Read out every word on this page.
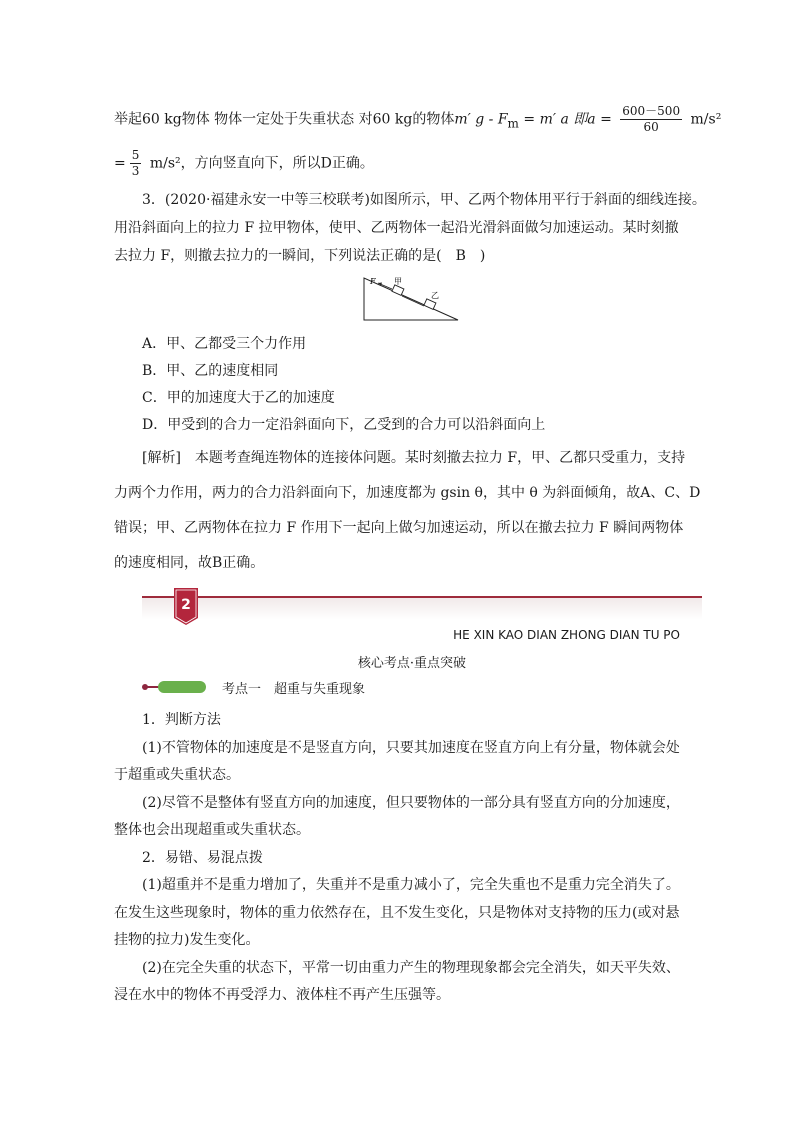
举起60 kg物体 物体一定处于失重状态 对60 kg的物体m′ $g - F_m = m'$ a 即$a = \frac{600-500}{60} m/s^2$
= $\frac{5}{3} m/s^2$，方向竖直向下，所以D正确。
3．(2020·福建永安一中等三校联考)如图所示，甲、乙两个物体用平行于斜面的细线连接。
用沿斜面向上的拉力 F 拉甲物体，使甲、乙两物体一起沿光滑斜面做匀加速运动。某时刻撤
去拉力 F，则撤去拉力的一瞬间，下列说法正确的是(　B　)
F 甲
乙
A．甲、乙都受三个力作用
B．甲、乙的速度相同
C．甲的加速度大于乙的加速度
D．甲受到的合力一定沿斜面向下，乙受到的合力可以沿斜面向上
[解析]　本题考查绳连物体的连接体问题。某时刻撤去拉力 F，甲、乙都只受重力，支持
力两个力作用，两力的合力沿斜面向下，加速度都为 gsin θ，其中 θ 为斜面倾角，故A、C、D
错误；甲、乙两物体在拉力 F 作用下一起向上做匀加速运动，所以在撤去拉力 F 瞬间两物体
的速度相同，故B正确。
2
HE XIN KAO DIAN ZHONG DIAN TU PO
核心考点·重点突破
考点一　超重与失重现象
1．判断方法
(1)不管物体的加速度是不是竖直方向，只要其加速度在竖直方向上有分量，物体就会处
于超重或失重状态。
(2)尽管不是整体有竖直方向的加速度，但只要物体的一部分具有竖直方向的分加速度，
整体也会出现超重或失重状态。
2．易错、易混点拨
(1)超重并不是重力增加了，失重并不是重力减小了，完全失重也不是重力完全消失了。
在发生这些现象时，物体的重力依然存在，且不发生变化，只是物体对支持物的压力(或对悬
挂物的拉力)发生变化。
(2)在完全失重的状态下，平常一切由重力产生的物理现象都会完全消失，如天平失效、
浸在水中的物体不再受浮力、液体柱不再产生压强等。
